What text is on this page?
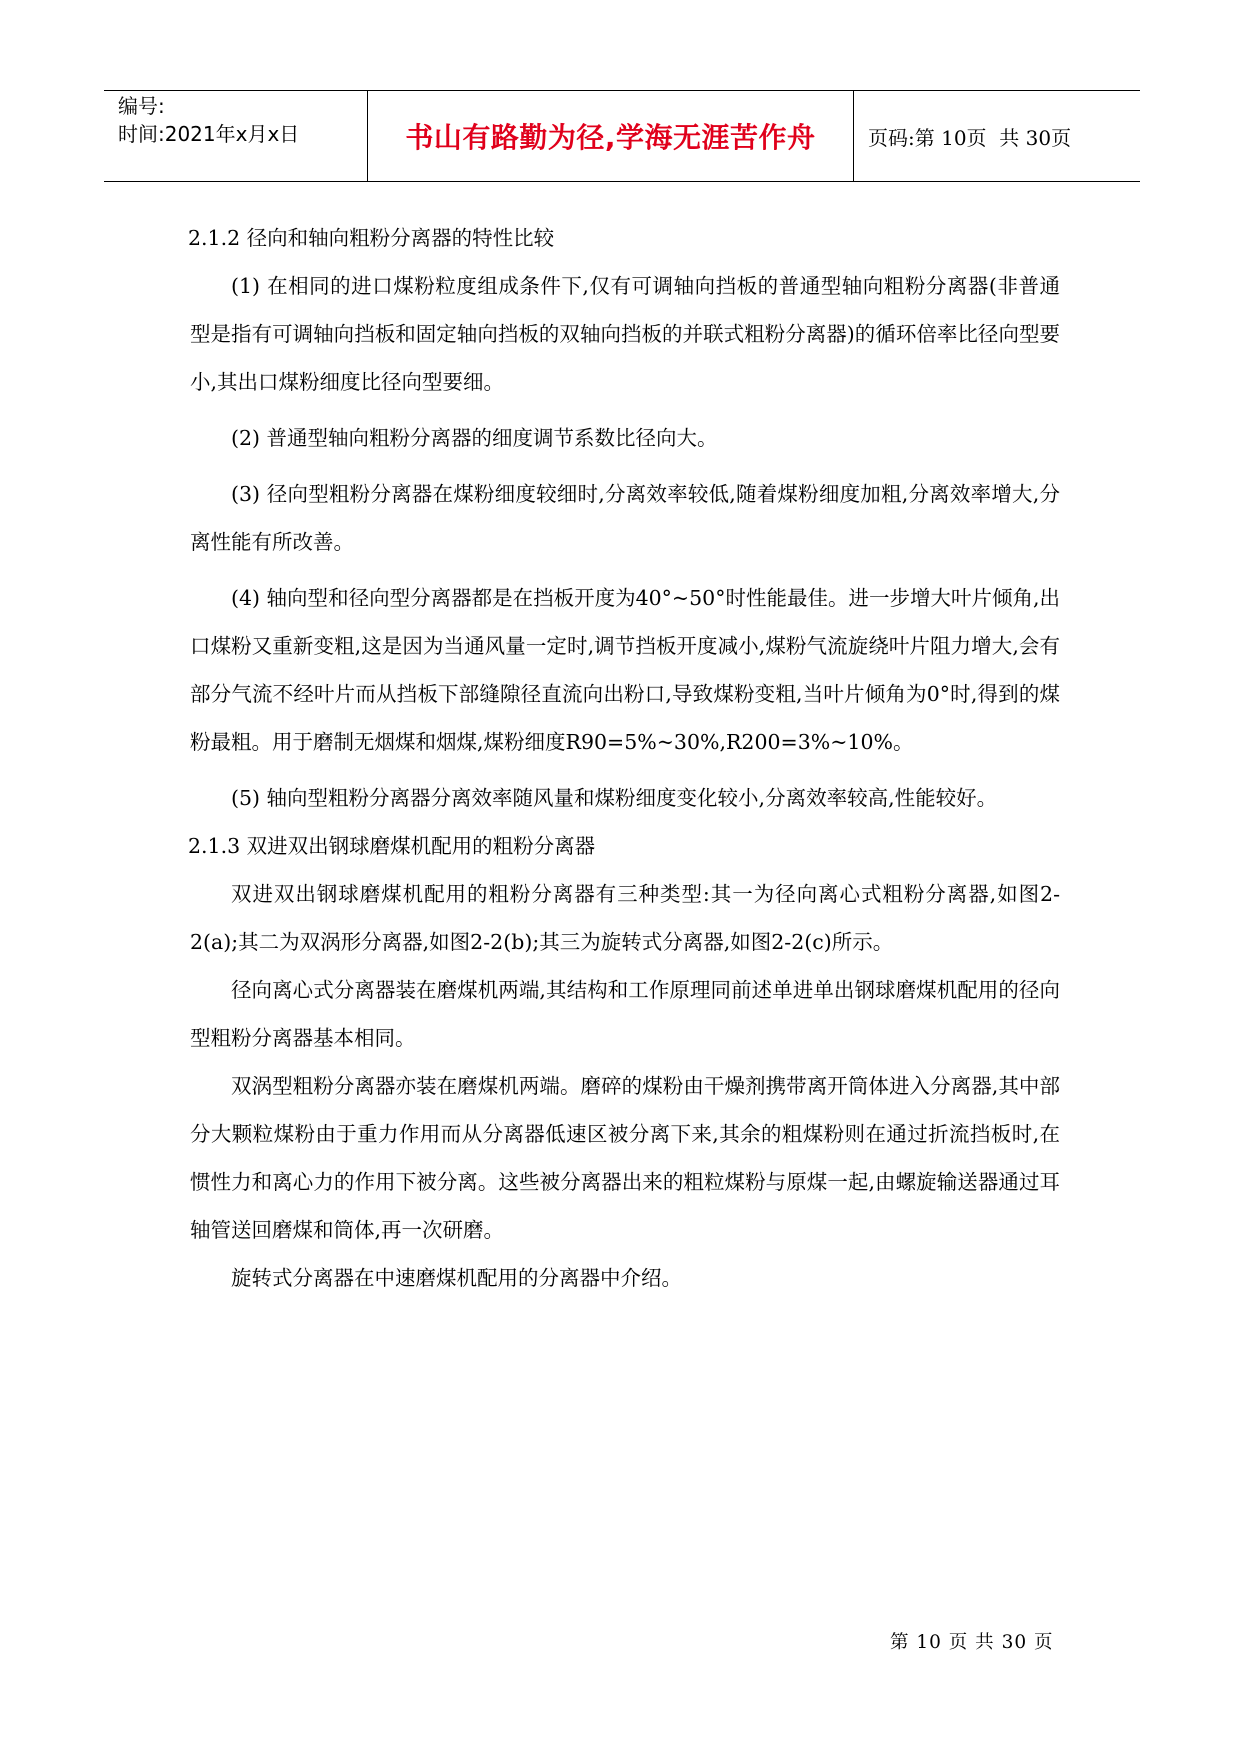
编号:
时间:2021年x月x日	书山有路勤为径,学海无涯苦作舟	页码:第 10页  共 30页

2.1.2 径向和轴向粗粉分离器的特性比较

(1) 在相同的进口煤粉粒度组成条件下,仅有可调轴向挡板的普通型轴向粗粉分离器(非普通型是指有可调轴向挡板和固定轴向挡板的双轴向挡板的并联式粗粉分离器)的循环倍率比径向型要小,其出口煤粉细度比径向型要细。

(2) 普通型轴向粗粉分离器的细度调节系数比径向大。

(3) 径向型粗粉分离器在煤粉细度较细时,分离效率较低,随着煤粉细度加粗,分离效率增大,分离性能有所改善。

(4) 轴向型和径向型分离器都是在挡板开度为40°~50°时性能最佳。进一步增大叶片倾角,出口煤粉又重新变粗,这是因为当通风量一定时,调节挡板开度减小,煤粉气流旋绕叶片阻力增大,会有部分气流不经叶片而从挡板下部缝隙径直流向出粉口,导致煤粉变粗,当叶片倾角为0°时,得到的煤粉最粗。用于磨制无烟煤和烟煤,煤粉细度R90=5%~30%,R200=3%~10%。

(5) 轴向型粗粉分离器分离效率随风量和煤粉细度变化较小,分离效率较高,性能较好。

2.1.3 双进双出钢球磨煤机配用的粗粉分离器

双进双出钢球磨煤机配用的粗粉分离器有三种类型:其一为径向离心式粗粉分离器,如图2-2(a);其二为双涡形分离器,如图2-2(b);其三为旋转式分离器,如图2-2(c)所示。

径向离心式分离器装在磨煤机两端,其结构和工作原理同前述单进单出钢球磨煤机配用的径向型粗粉分离器基本相同。

双涡型粗粉分离器亦装在磨煤机两端。磨碎的煤粉由干燥剂携带离开筒体进入分离器,其中部分大颗粒煤粉由于重力作用而从分离器低速区被分离下来,其余的粗煤粉则在通过折流挡板时,在惯性力和离心力的作用下被分离。这些被分离器出来的粗粒煤粉与原煤一起,由螺旋输送器通过耳轴管送回磨煤和筒体,再一次研磨。

旋转式分离器在中速磨煤机配用的分离器中介绍。

第 10 页 共 30 页
